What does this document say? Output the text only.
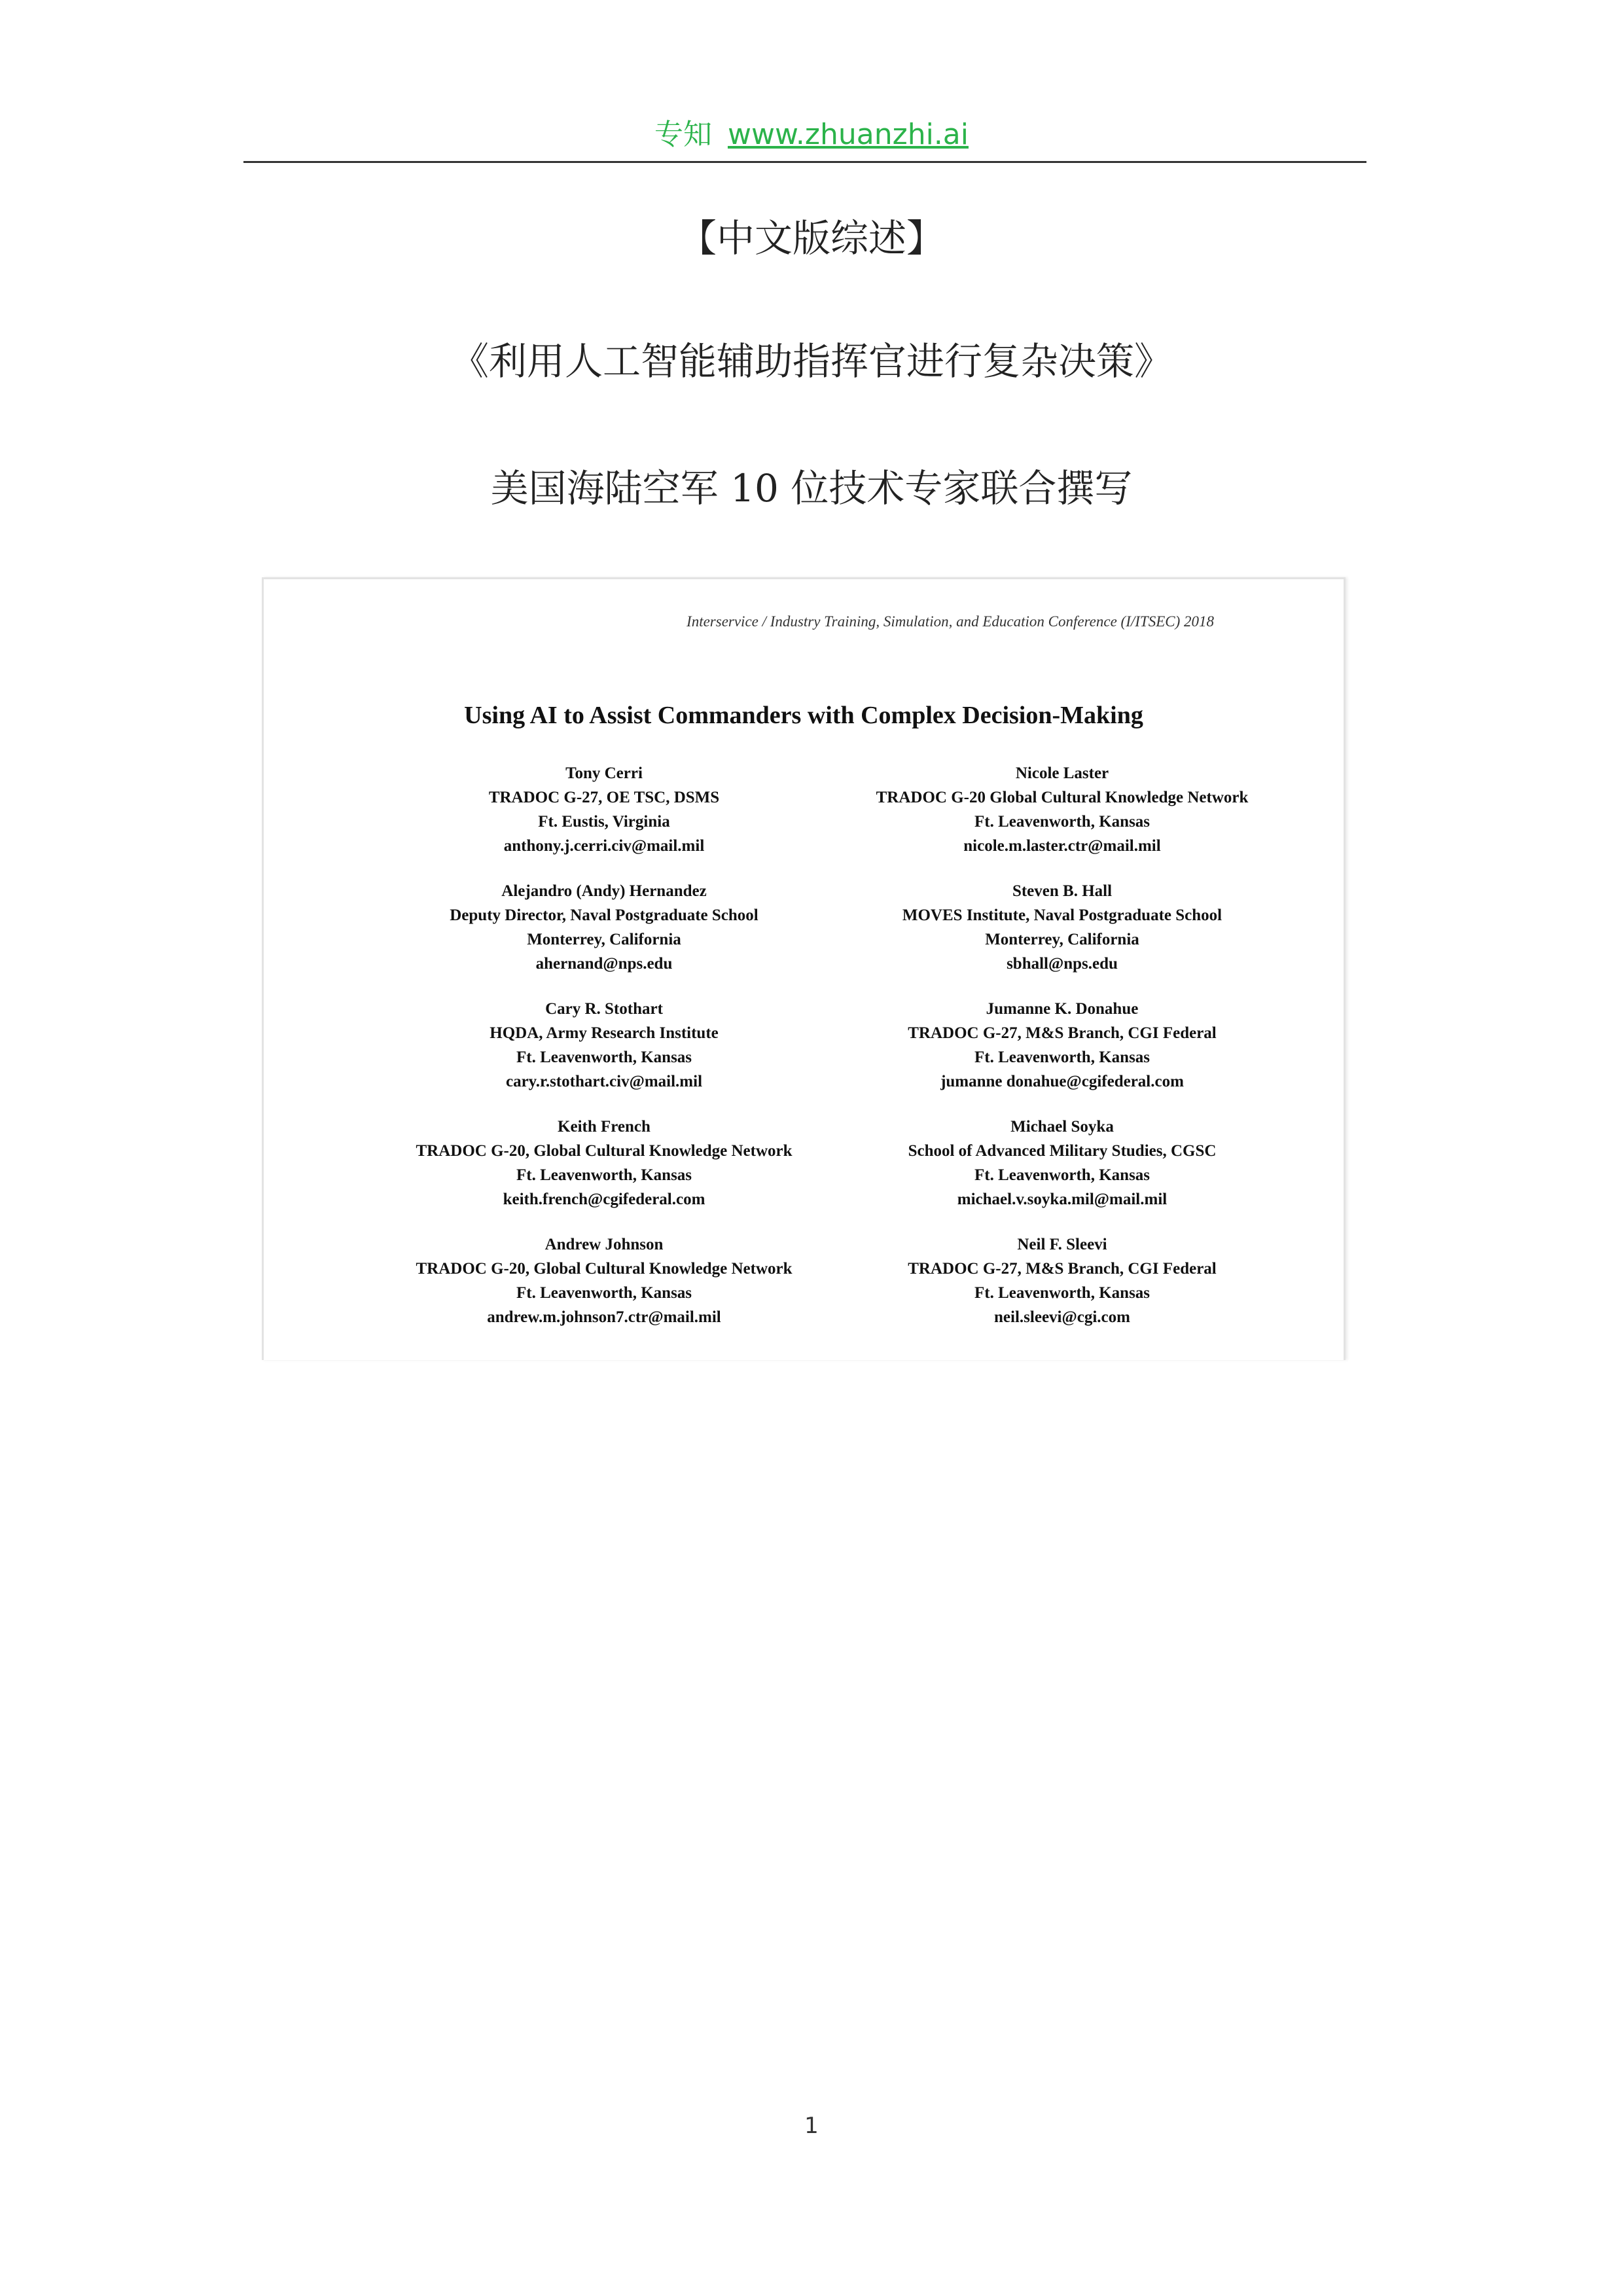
专知 www.zhuanzhi.ai
【中文版综述】
《利用人工智能辅助指挥官进行复杂决策》
美国海陆空军 10 位技术专家联合撰写
Interservice / Industry Training, Simulation, and Education Conference (I/ITSEC) 2018
Using AI to Assist Commanders with Complex Decision-Making
Tony Cerri
TRADOC G-27, OE TSC, DSMS
Ft. Eustis, Virginia
anthony.j.cerri.civ@mail.mil
Nicole Laster
TRADOC G-20 Global Cultural Knowledge Network
Ft. Leavenworth, Kansas
nicole.m.laster.ctr@mail.mil
Alejandro (Andy) Hernandez
Deputy Director, Naval Postgraduate School
Monterrey, California
ahernand@nps.edu
Steven B. Hall
MOVES Institute, Naval Postgraduate School
Monterrey, California
sbhall@nps.edu
Cary R. Stothart
HQDA, Army Research Institute
Ft. Leavenworth, Kansas
cary.r.stothart.civ@mail.mil
Jumanne K. Donahue
TRADOC G-27, M&S Branch, CGI Federal
Ft. Leavenworth, Kansas
jumanne donahue@cgifederal.com
Keith French
TRADOC G-20, Global Cultural Knowledge Network
Ft. Leavenworth, Kansas
keith.french@cgifederal.com
Michael Soyka
School of Advanced Military Studies, CGSC
Ft. Leavenworth, Kansas
michael.v.soyka.mil@mail.mil
Andrew Johnson
TRADOC G-20, Global Cultural Knowledge Network
Ft. Leavenworth, Kansas
andrew.m.johnson7.ctr@mail.mil
Neil F. Sleevi
TRADOC G-27, M&S Branch, CGI Federal
Ft. Leavenworth, Kansas
neil.sleevi@cgi.com
1
